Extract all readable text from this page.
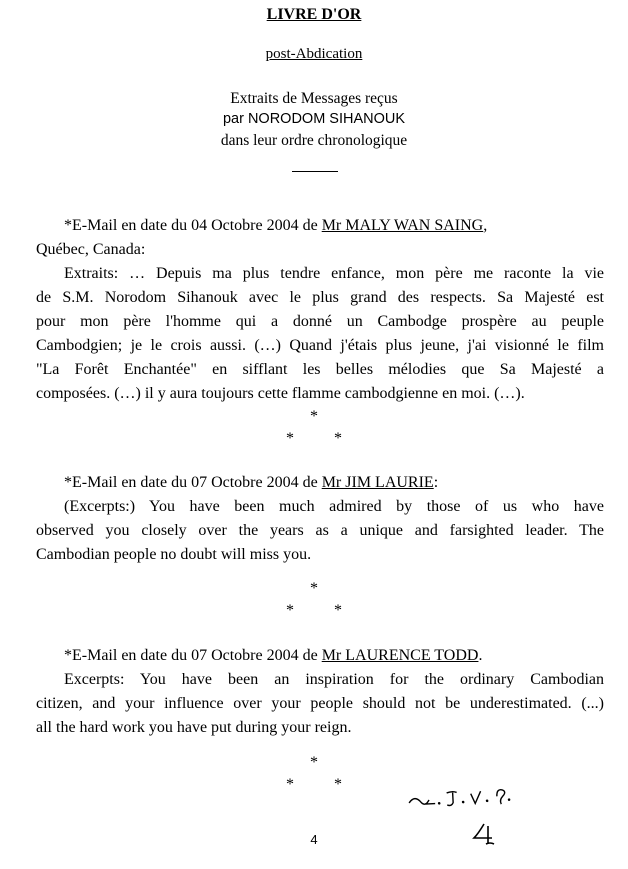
LIVRE D'OR
post-Abdication
Extraits de Messages reçus
par NORODOM SIHANOUK
dans leur ordre chronologique
*E-Mail en date du 04 Octobre 2004 de Mr MALY WAN SAING,
Québec, Canada:
Extraits: … Depuis ma plus tendre enfance, mon père me raconte la vie
de S.M. Norodom Sihanouk avec le plus grand des respects. Sa Majesté est
pour mon père l'homme qui a donné un Cambodge prospère au peuple
Cambodgien; je le crois aussi. (…) Quand j'étais plus jeune, j'ai visionné le film
"La Forêt Enchantée" en sifflant les belles mélodies que Sa Majesté a
composées. (…) il y aura toujours cette flamme cambodgienne en moi. (…).
*
* *
*E-Mail en date du 07 Octobre 2004 de Mr JIM LAURIE:
(Excerpts:) You have been much admired by those of us who have
observed you closely over the years as a unique and farsighted leader. The
Cambodian people no doubt will miss you.
*
* *
*E-Mail en date du 07 Octobre 2004 de Mr LAURENCE TODD.
Excerpts: You have been an inspiration for the ordinary Cambodian
citizen, and your influence over your people should not be underestimated. (...)
all the hard work you have put during your reign.
*
* *
4
